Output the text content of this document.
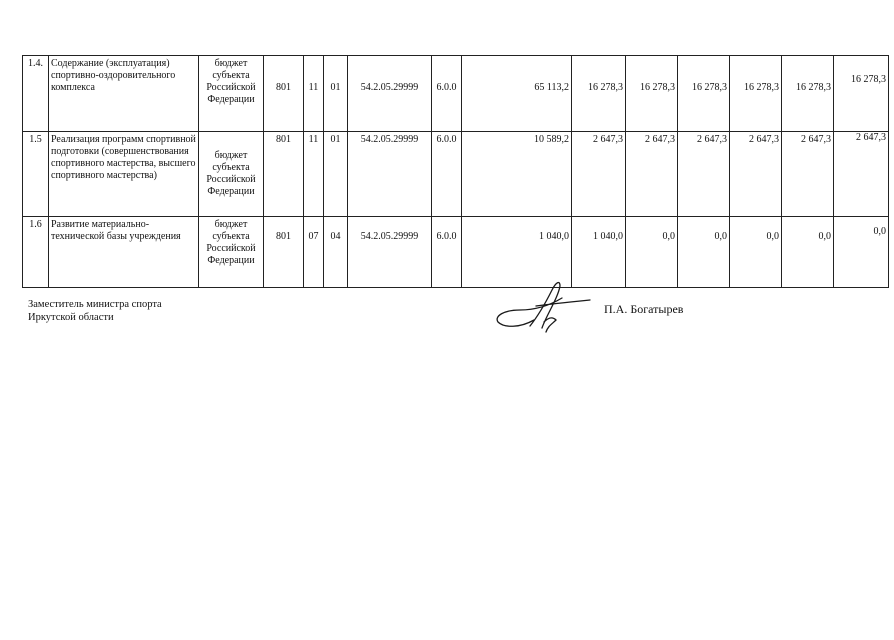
1.4.	Содержание (эксплуатация) спортивно-оздоровительного комплекса	бюджет субъекта Российской Федерации	801	11	01	54.2.05.29999	6.0.0	65 113,2	16 278,3	16 278,3	16 278,3	16 278,3	16 278,3	16 278,3
1.5	Реализация программ спортивной подготовки (совершенствования спортивного мастерства, высшего спортивного мастерства)	бюджет субъекта Российской Федерации	801	11	01	54.2.05.29999	6.0.0	10 589,2	2 647,3	2 647,3	2 647,3	2 647,3	2 647,3	2 647,3
1.6	Развитие материально-технической базы учреждения	бюджет субъекта Российской Федерации	801	07	04	54.2.05.29999	6.0.0	1 040,0	1 040,0	0,0	0,0	0,0	0,0	0,0
Заместитель министра спорта
Иркутской области
П.А. Богатырев
